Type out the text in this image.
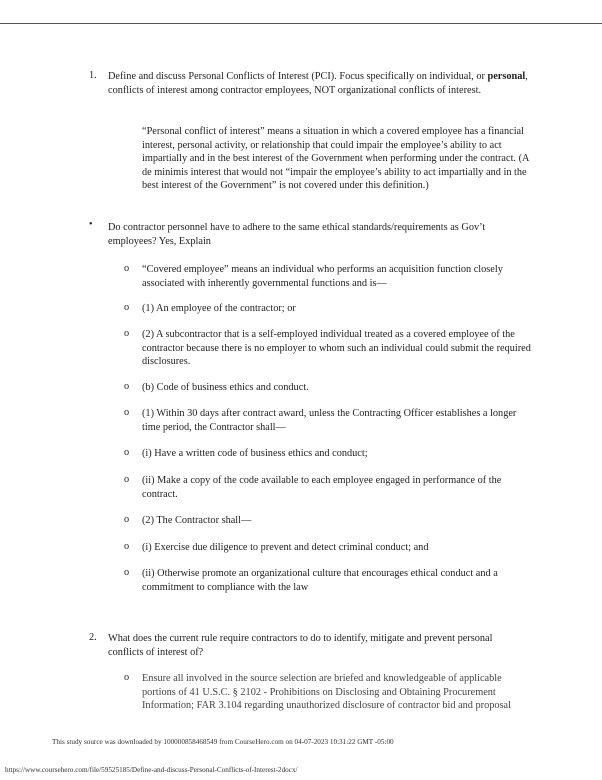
1. Define and discuss Personal Conflicts of Interest (PCI). Focus specifically on individual, or personal, conflicts of interest among contractor employees, NOT organizational conflicts of interest.
“Personal conflict of interest” means a situation in which a covered employee has a financial interest, personal activity, or relationship that could impair the employee’s ability to act impartially and in the best interest of the Government when performing under the contract. (A de minimis interest that would not “impair the employee’s ability to act impartially and in the best interest of the Government” is not covered under this definition.)
• Do contractor personnel have to adhere to the same ethical standards/requirements as Gov’t employees? Yes, Explain
o “Covered employee” means an individual who performs an acquisition function closely associated with inherently governmental functions and is—
o (1) An employee of the contractor; or
o (2) A subcontractor that is a self-employed individual treated as a covered employee of the contractor because there is no employer to whom such an individual could submit the required disclosures.
o (b) Code of business ethics and conduct.
o (1) Within 30 days after contract award, unless the Contracting Officer establishes a longer time period, the Contractor shall—
o (i) Have a written code of business ethics and conduct;
o (ii) Make a copy of the code available to each employee engaged in performance of the contract.
o (2) The Contractor shall—
o (i) Exercise due diligence to prevent and detect criminal conduct; and
o (ii) Otherwise promote an organizational culture that encourages ethical conduct and a commitment to compliance with the law
2. What does the current rule require contractors to do to identify, mitigate and prevent personal conflicts of interest of?
o Ensure all involved in the source selection are briefed and knowledgeable of applicable portions of 41 U.S.C. § 2102 - Prohibitions on Disclosing and Obtaining Procurement Information; FAR 3.104 regarding unauthorized disclosure of contractor bid and proposal
This study source was downloaded by 100000858468549 from CourseHero.com on 04-07-2023 10:31:22 GMT -05:00
https://www.coursehero.com/file/59525185/Define-and-discuss-Personal-Conflicts-of-Interest-2docx/
